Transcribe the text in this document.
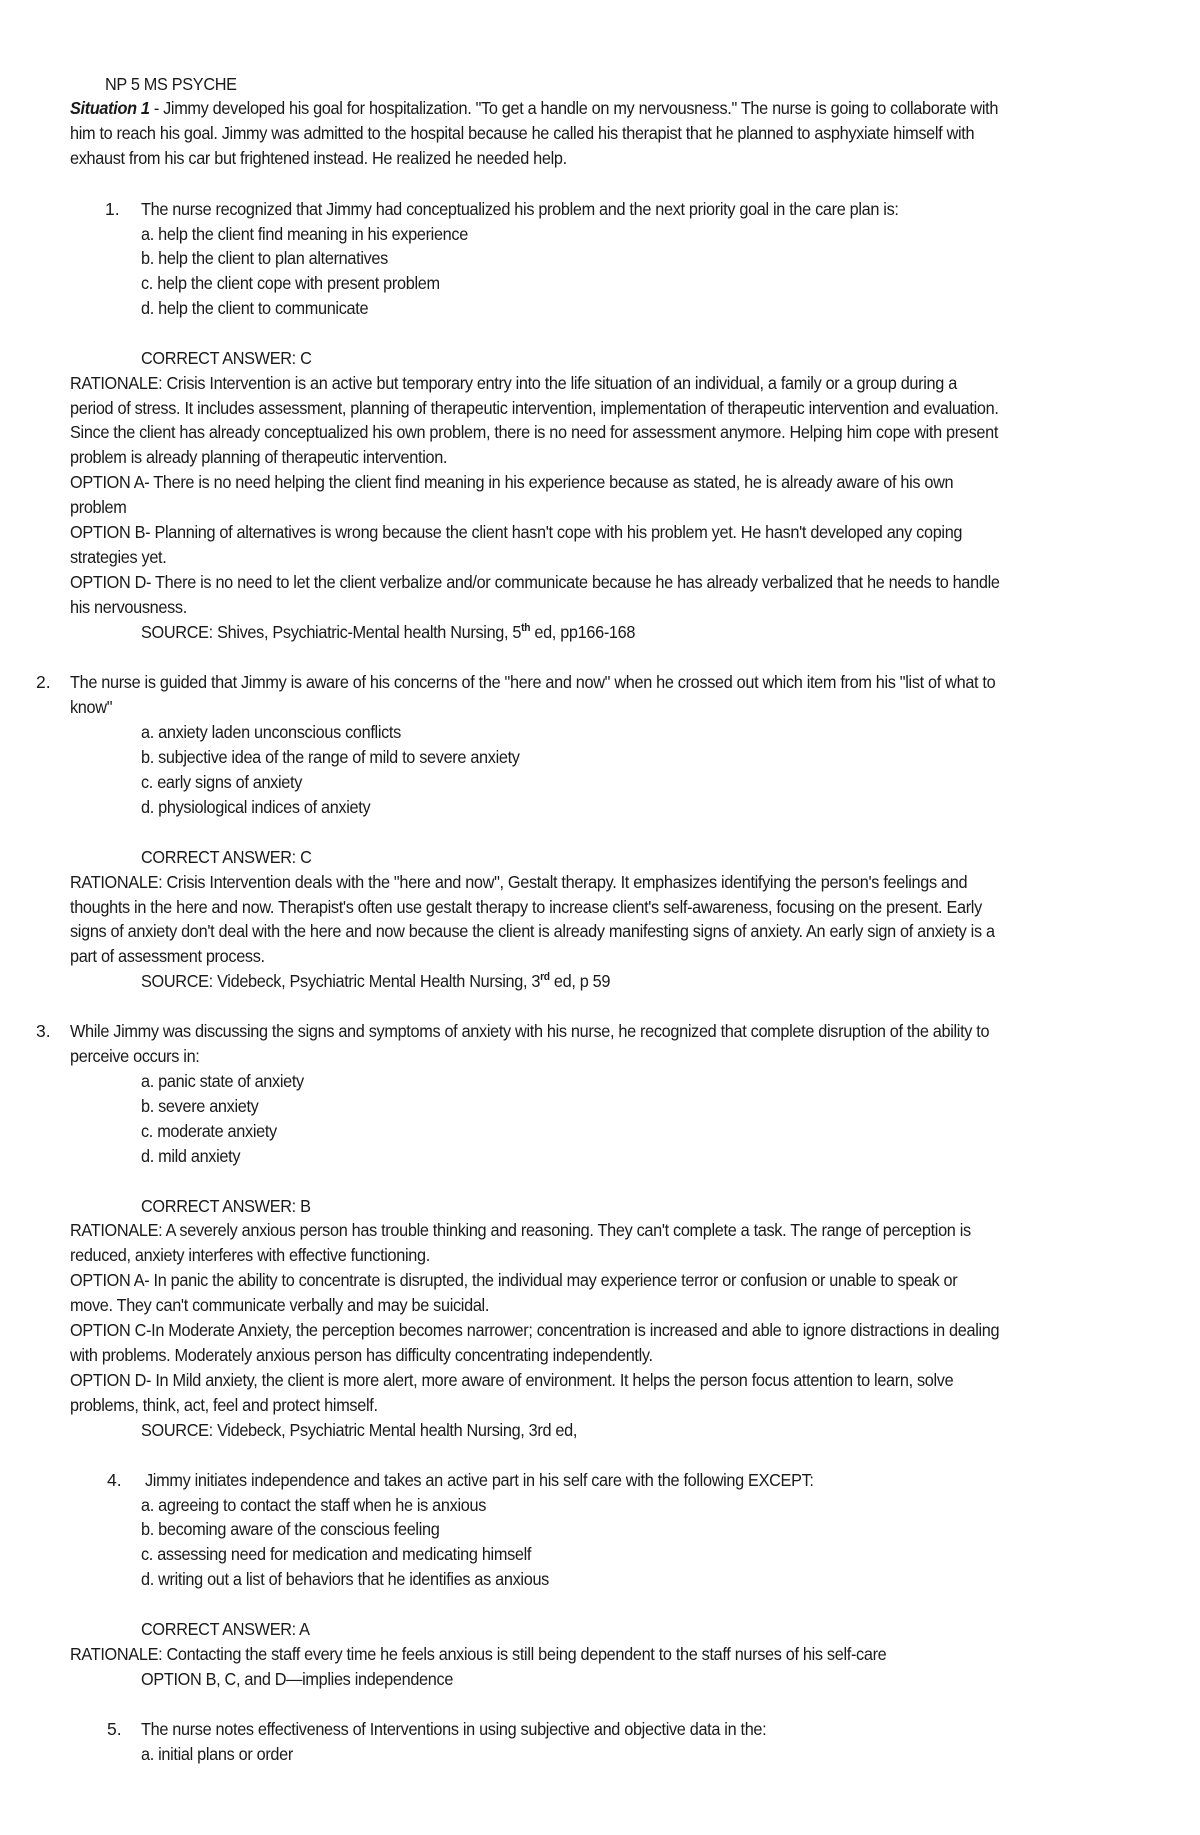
NP 5 MS PSYCHE
Situation 1 - Jimmy developed his goal for hospitalization. "To get a handle on my nervousness." The nurse is going to collaborate with
him to reach his goal. Jimmy was admitted to the hospital because he called his therapist that he planned to asphyxiate himself with
exhaust from his car but frightened instead. He realized he needed help.
1. The nurse recognized that Jimmy had conceptualized his problem and the next priority goal in the care plan is:
a. help the client find meaning in his experience
b. help the client to plan alternatives
c. help the client cope with present problem
d. help the client to communicate
CORRECT ANSWER: C
RATIONALE: Crisis Intervention is an active but temporary entry into the life situation of an individual, a family or a group during a
period of stress. It includes assessment, planning of therapeutic intervention, implementation of therapeutic intervention and evaluation.
Since the client has already conceptualized his own problem, there is no need for assessment anymore. Helping him cope with present
problem is already planning of therapeutic intervention.
OPTION A- There is no need helping the client find meaning in his experience because as stated, he is already aware of his own
problem
OPTION B- Planning of alternatives is wrong because the client hasn't cope with his problem yet. He hasn't developed any coping
strategies yet.
OPTION D- There is no need to let the client verbalize and/or communicate because he has already verbalized that he needs to handle
his nervousness.
SOURCE: Shives, Psychiatric-Mental health Nursing, 5th ed, pp166-168
2. The nurse is guided that Jimmy is aware of his concerns of the "here and now" when he crossed out which item from his "list of what to
know"
a. anxiety laden unconscious conflicts
b. subjective idea of the range of mild to severe anxiety
c. early signs of anxiety
d. physiological indices of anxiety
CORRECT ANSWER: C
RATIONALE: Crisis Intervention deals with the "here and now", Gestalt therapy. It emphasizes identifying the person's feelings and
thoughts in the here and now. Therapist's often use gestalt therapy to increase client's self-awareness, focusing on the present. Early
signs of anxiety don't deal with the here and now because the client is already manifesting signs of anxiety. An early sign of anxiety is a
part of assessment process.
SOURCE: Videbeck, Psychiatric Mental Health Nursing, 3rd ed, p 59
3. While Jimmy was discussing the signs and symptoms of anxiety with his nurse, he recognized that complete disruption of the ability to
perceive occurs in:
a. panic state of anxiety
b. severe anxiety
c. moderate anxiety
d. mild anxiety
CORRECT ANSWER: B
RATIONALE: A severely anxious person has trouble thinking and reasoning. They can't complete a task. The range of perception is
reduced, anxiety interferes with effective functioning.
OPTION A- In panic the ability to concentrate is disrupted, the individual may experience terror or confusion or unable to speak or
move. They can't communicate verbally and may be suicidal.
OPTION C-In Moderate Anxiety, the perception becomes narrower; concentration is increased and able to ignore distractions in dealing
with problems. Moderately anxious person has difficulty concentrating independently.
OPTION D- In Mild anxiety, the client is more alert, more aware of environment. It helps the person focus attention to learn, solve
problems, think, act, feel and protect himself.
SOURCE: Videbeck, Psychiatric Mental health Nursing, 3rd ed,
4. Jimmy initiates independence and takes an active part in his self care with the following EXCEPT:
a. agreeing to contact the staff when he is anxious
b. becoming aware of the conscious feeling
c. assessing need for medication and medicating himself
d. writing out a list of behaviors that he identifies as anxious
CORRECT ANSWER: A
RATIONALE: Contacting the staff every time he feels anxious is still being dependent to the staff nurses of his self-care
OPTION B, C, and D—implies independence
5. The nurse notes effectiveness of Interventions in using subjective and objective data in the:
a. initial plans or order
